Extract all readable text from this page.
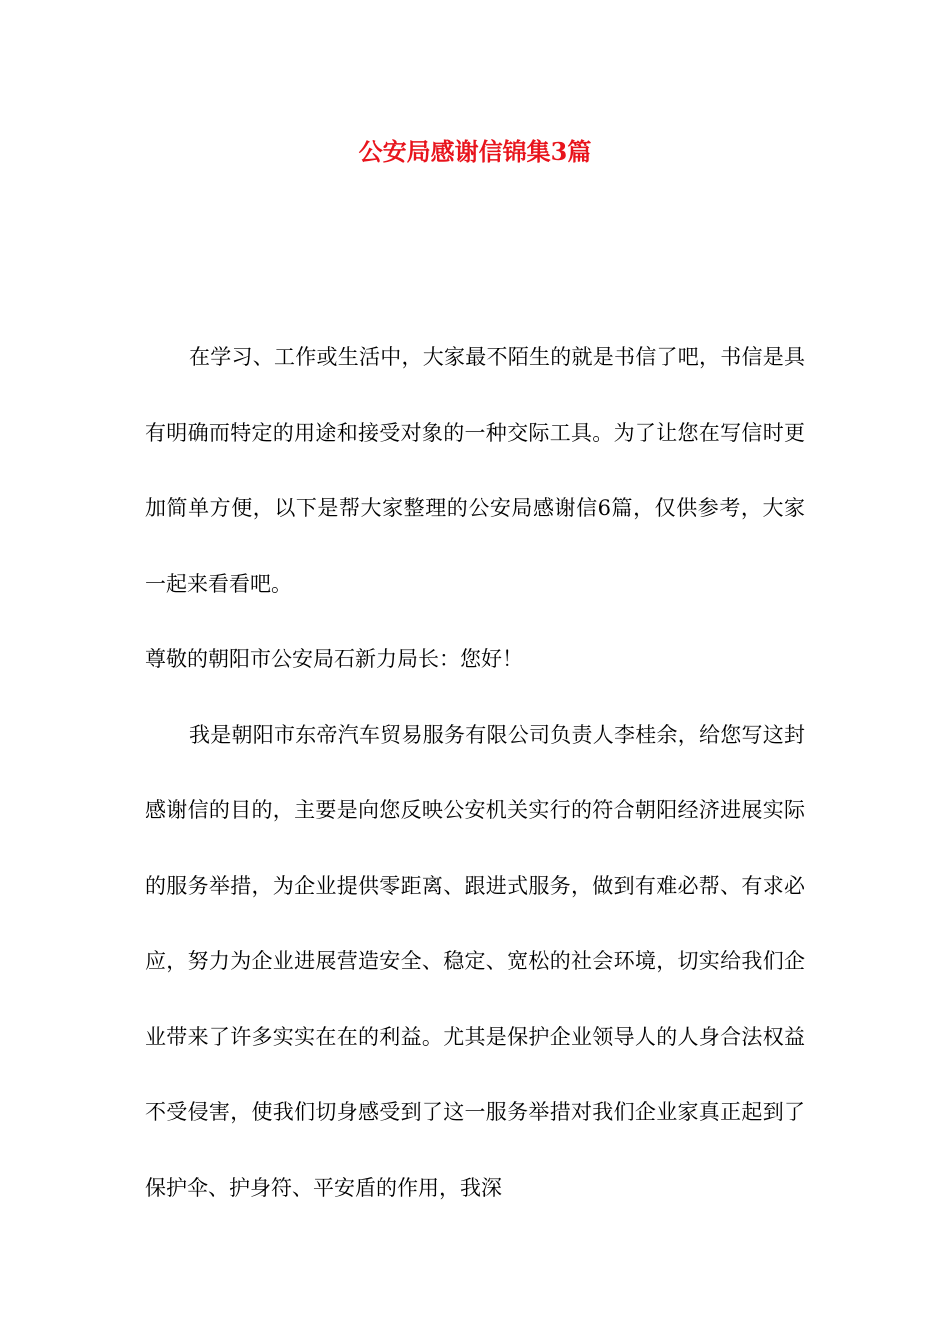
公安局感谢信锦集3篇

在学习、工作或生活中，大家最不陌生的就是书信了吧，书信是具有明确而特定的用途和接受对象的一种交际工具。为了让您在写信时更加简单方便，以下是帮大家整理的公安局感谢信6篇，仅供参考，大家一起来看看吧。

尊敬的朝阳市公安局石新力局长：您好！

我是朝阳市东帝汽车贸易服务有限公司负责人李桂余，给您写这封感谢信的目的，主要是向您反映公安机关实行的符合朝阳经济进展实际的服务举措，为企业提供零距离、跟进式服务，做到有难必帮、有求必应，努力为企业进展营造安全、稳定、宽松的社会环境，切实给我们企业带来了许多实实在在的利益。尤其是保护企业领导人的人身合法权益不受侵害，使我们切身感受到了这一服务举措对我们企业家真正起到了保护伞、护身符、平安盾的作用，我深
